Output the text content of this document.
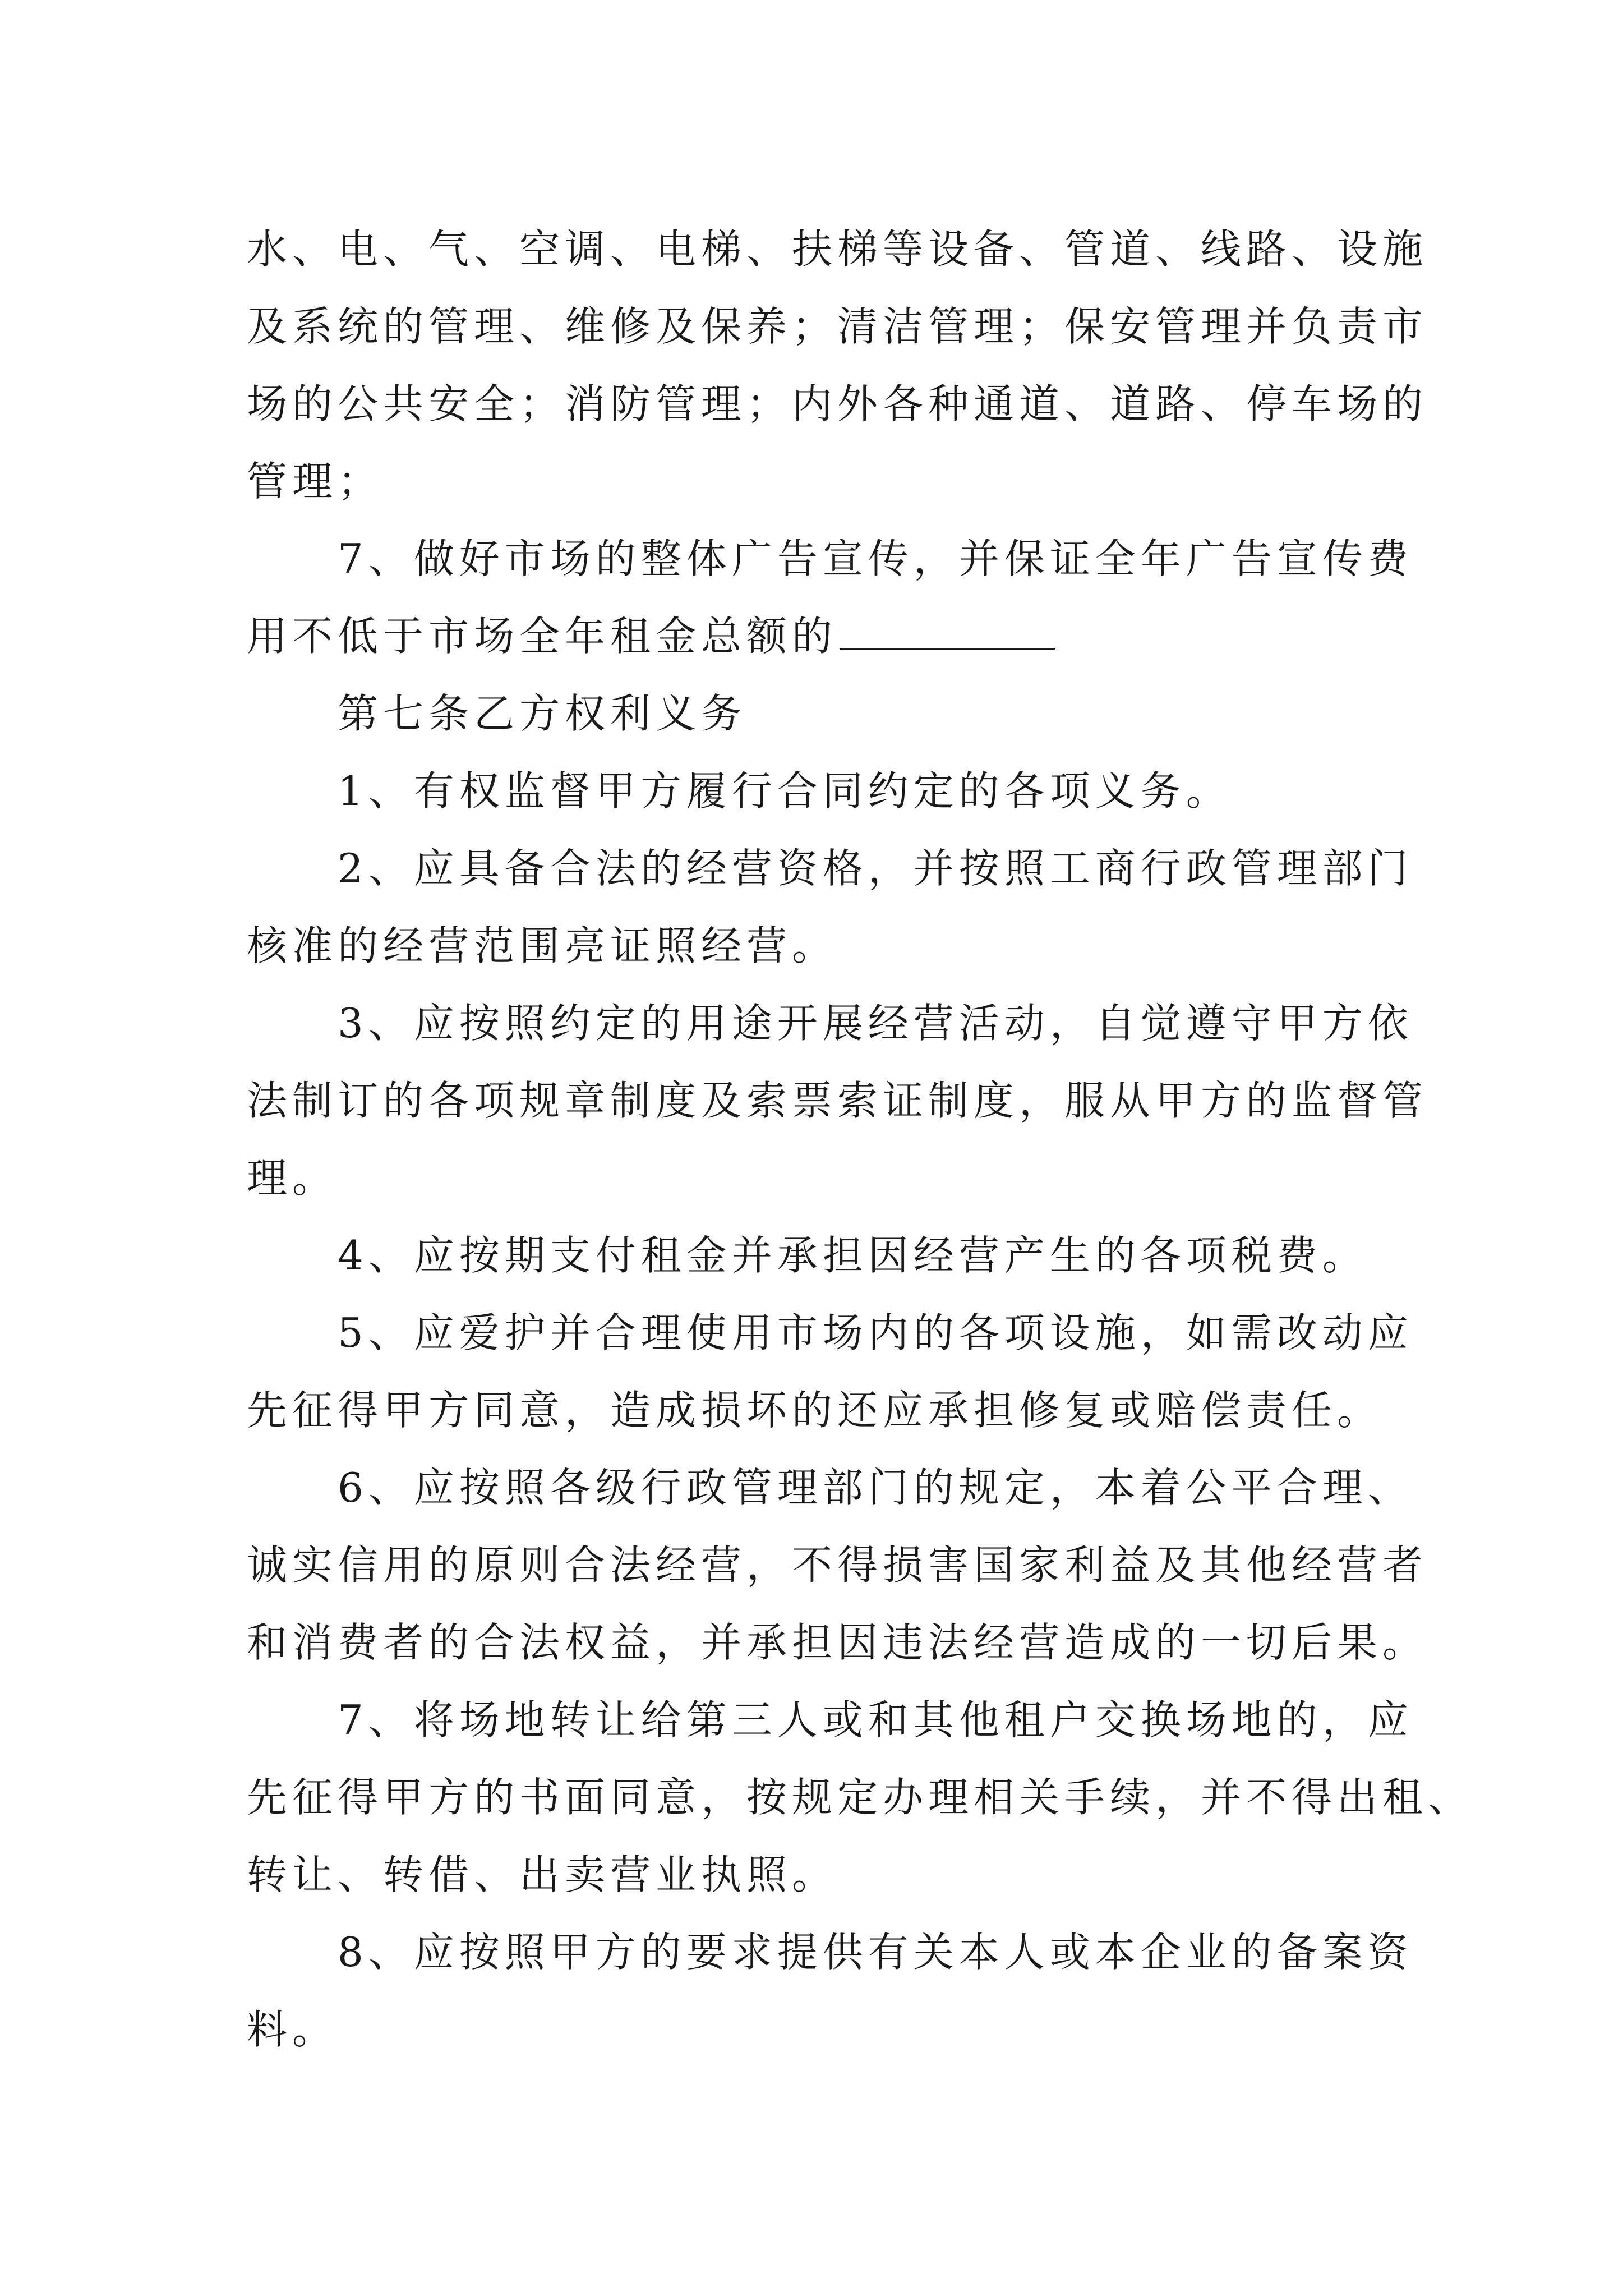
水、电、气、空调、电梯、扶梯等设备、管道、线路、设施
及系统的管理、维修及保养；清洁管理；保安管理并负责市
场的公共安全；消防管理；内外各种通道、道路、停车场的
管理；
7、做好市场的整体广告宣传，并保证全年广告宣传费
用不低于市场全年租金总额的
第七条乙方权利义务
1、有权监督甲方履行合同约定的各项义务。
2、应具备合法的经营资格，并按照工商行政管理部门
核准的经营范围亮证照经营。
3、应按照约定的用途开展经营活动，自觉遵守甲方依
法制订的各项规章制度及索票索证制度，服从甲方的监督管
理。
4、应按期支付租金并承担因经营产生的各项税费。
5、应爱护并合理使用市场内的各项设施，如需改动应
先征得甲方同意，造成损坏的还应承担修复或赔偿责任。
6、应按照各级行政管理部门的规定，本着公平合理、
诚实信用的原则合法经营，不得损害国家利益及其他经营者
和消费者的合法权益，并承担因违法经营造成的一切后果。
7、将场地转让给第三人或和其他租户交换场地的，应
先征得甲方的书面同意，按规定办理相关手续，并不得出租、
转让、转借、出卖营业执照。
8、应按照甲方的要求提供有关本人或本企业的备案资
料。
